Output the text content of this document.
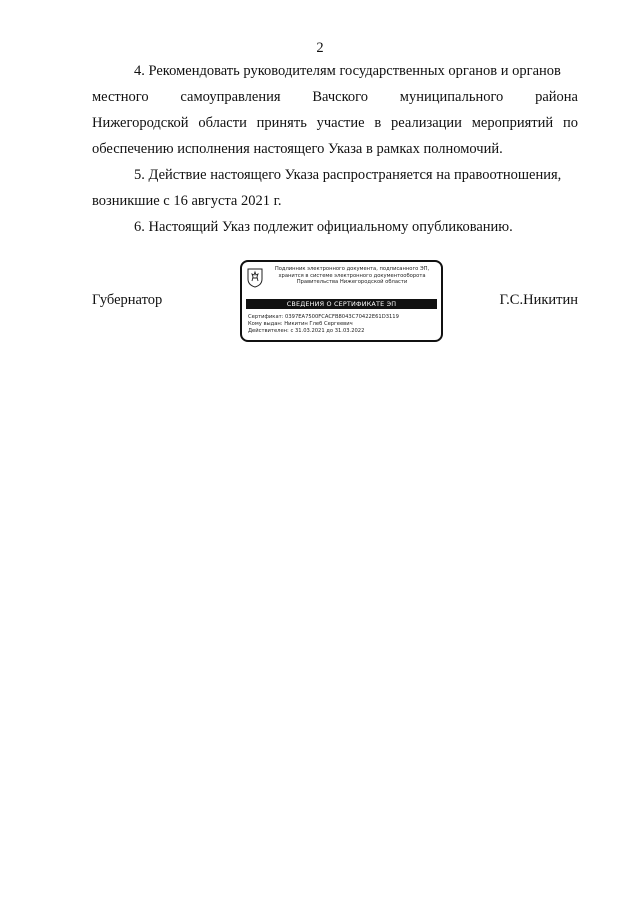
2

4. Рекомендовать руководителям государственных органов и органов
местного самоуправления Вачского муниципального района
Нижегородской области принять участие в реализации мероприятий по
обеспечению исполнения настоящего Указа в рамках полномочий.

5. Действие настоящего Указа распространяется на правоотношения,
возникшие с 16 августа 2021 г.

6. Настоящий Указ подлежит официальному опубликованию.

Губернатор
Подлинник электронного документа, подписанного ЭП,
хранится в системе электронного документооборота
Правительства Нижегородской области
СВЕДЕНИЯ О СЕРТИФИКАТЕ ЭП
Сертификат: 0397EA7500FCACFB8043C70422E61D3119
Кому выдан: Никитин Глеб Сергеевич
Действителен: с 31.03.2021 до 31.03.2022
Г.С.Никитин
